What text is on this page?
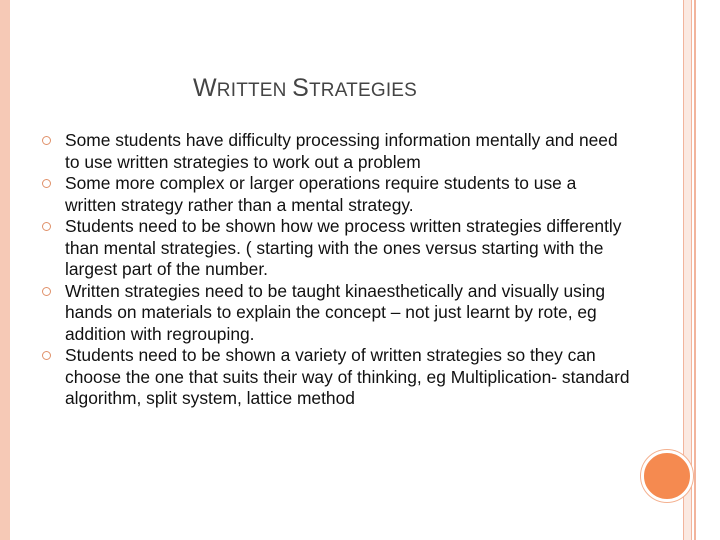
WRITTEN STRATEGIES
Some students have difficulty processing information mentally and need to use written strategies to work out a problem
Some more complex or larger operations require students to use a written strategy rather than a mental strategy.
Students need to be shown how we process written strategies differently than mental strategies. ( starting with the ones versus starting with the largest part of the number.
Written strategies need to be taught kinaesthetically and visually using hands on materials to explain the concept – not just learnt by rote, eg addition with regrouping.
Students need to be shown a variety of written strategies so they can choose the one that suits their way of thinking, eg Multiplication- standard algorithm, split system, lattice method
